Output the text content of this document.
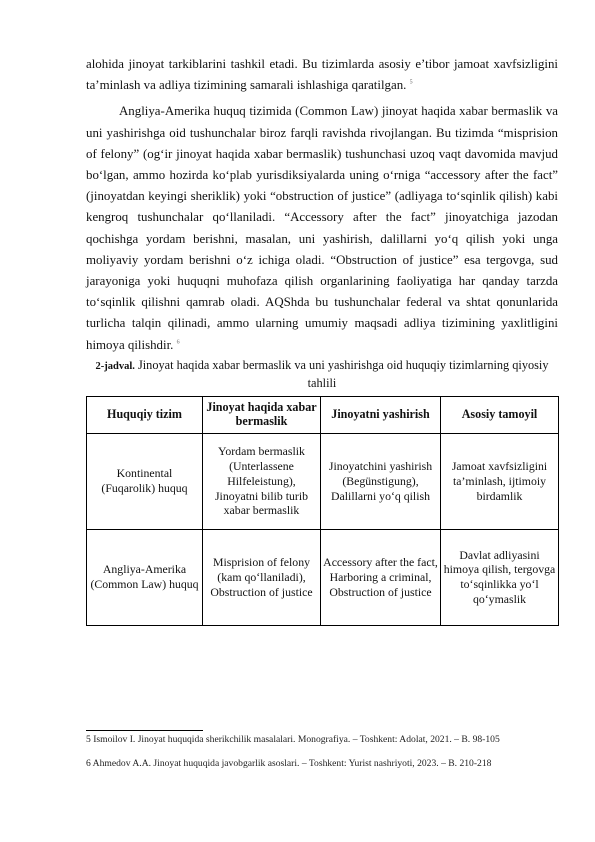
alohida jinoyat tarkiblarini tashkil etadi. Bu tizimlarda asosiy e’tibor jamoat xavfsizligini ta’minlash va adliya tizimining samarali ishlashiga qaratilgan. $^5$

Angliya-Amerika huquq tizimida (Common Law) jinoyat haqida xabar bermaslik va uni yashirishga oid tushunchalar biroz farqli ravishda rivojlangan. Bu tizimda “misprision of felony” (og‘ir jinoyat haqida xabar bermaslik) tushunchasi uzoq vaqt davomida mavjud bo‘lgan, ammo hozirda ko‘plab yurisdiksiyalarda uning o‘rniga “accessory after the fact” (jinoyatdan keyingi sheriklik) yoki “obstruction of justice” (adliyaga to‘sqinlik qilish) kabi kengroq tushunchalar qo‘llaniladi. “Accessory after the fact” jinoyatchiga jazodan qochishga yordam berishni, masalan, uni yashirish, dalillarni yo‘q qilish yoki unga moliyaviy yordam berishni o‘z ichiga oladi. “Obstruction of justice” esa tergovga, sud jarayoniga yoki huquqni muhofaza qilish organlarining faoliyatiga har qanday tarzda to‘sqinlik qilishni qamrab oladi. AQShda bu tushunchalar federal va shtat qonunlarida turlicha talqin qilinadi, ammo ularning umumiy maqsadi adliya tizimining yaxlitligini himoya qilishdir. $^6$

2-jadval. Jinoyat haqida xabar bermaslik va uni yashirishga oid huquqiy tizimlarning qiyosiy tahlili
Huquqiy tizim	Jinoyat haqida xabar bermaslik	Jinoyatni yashirish	Asosiy tamoyil
Kontinental (Fuqarolik) huquq	Yordam bermaslik (Unterlassene Hilfeleistung), Jinoyatni bilib turib xabar bermaslik	Jinoyatchini yashirish (Begünstigung), Dalillarni yo‘q qilish	Jamoat xavfsizligini ta’minlash, ijtimoiy birdamlik
Angliya-Amerika (Common Law) huquq	Misprision of felony (kam qo‘llaniladi), Obstruction of justice	Accessory after the fact, Harboring a criminal, Obstruction of justice	Davlat adliyasini himoya qilish, tergovga to‘sqinlikka yo‘l qo‘ymaslik
5 Ismoilov I. Jinoyat huquqida sherikchilik masalalari. Monografiya. – Toshkent: Adolat, 2021. – B. 98-105
6 Ahmedov A.A. Jinoyat huquqida javobgarlik asoslari. – Toshkent: Yurist nashriyoti, 2023. – B. 210-218
